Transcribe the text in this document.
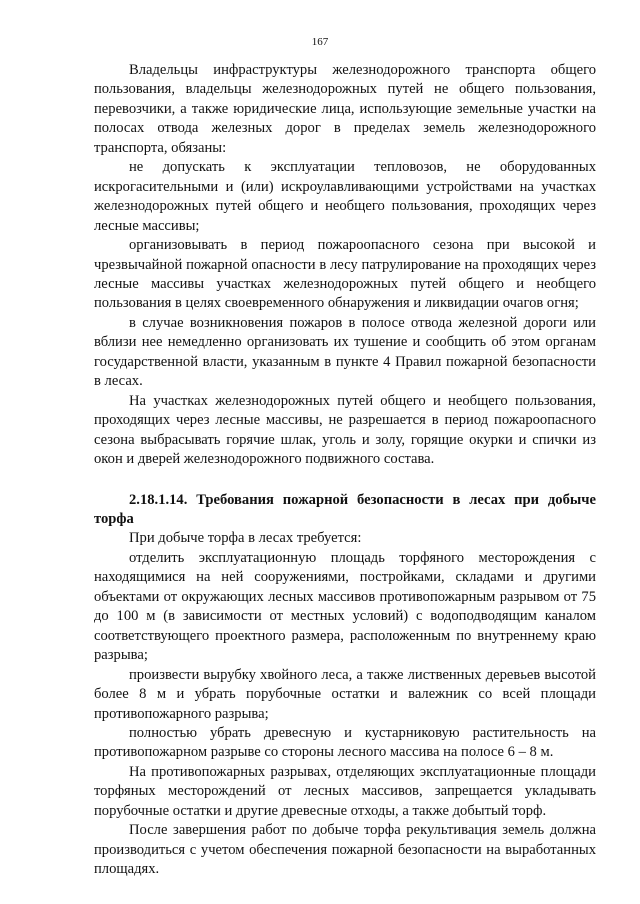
167

Владельцы инфраструктуры железнодорожного транспорта общего пользования, владельцы железнодорожных путей не общего пользования, перевозчики, а также юридические лица, использующие земельные участки на полосах отвода железных дорог в пределах земель железнодорожного транспорта, обязаны:

не допускать к эксплуатации тепловозов, не оборудованных искрогасительными и (или) искроулавливающими устройствами на участках железнодорожных путей общего и необщего пользования, проходящих через лесные массивы;

организовывать в период пожароопасного сезона при высокой и чрезвычайной пожарной опасности в лесу патрулирование на проходящих через лесные массивы участках железнодорожных путей общего и необщего пользования в целях своевременного обнаружения и ликвидации очагов огня;

в случае возникновения пожаров в полосе отвода железной дороги или вблизи нее немедленно организовать их тушение и сообщить об этом органам государственной власти, указанным в пункте 4 Правил пожарной безопасности в лесах.

На участках железнодорожных путей общего и необщего пользования, проходящих через лесные массивы, не разрешается в период пожароопасного сезона выбрасывать горячие шлак, уголь и золу, горящие окурки и спички из окон и дверей железнодорожного подвижного состава.

2.18.1.14. Требования пожарной безопасности в лесах при добыче торфа

При добыче торфа в лесах требуется:

отделить эксплуатационную площадь торфяного месторождения с находящимися на ней сооружениями, постройками, складами и другими объектами от окружающих лесных массивов противопожарным разрывом от 75 до 100 м (в зависимости от местных условий) с водоподводящим каналом соответствующего проектного размера, расположенным по внутреннему краю разрыва;

произвести вырубку хвойного леса, а также лиственных деревьев высотой более 8 м и убрать порубочные остатки и валежник со всей площади противопожарного разрыва;

полностью убрать древесную и кустарниковую растительность на противопожарном разрыве со стороны лесного массива на полосе 6 – 8 м.

На противопожарных разрывах, отделяющих эксплуатационные площади торфяных месторождений от лесных массивов, запрещается укладывать порубочные остатки и другие древесные отходы, а также добытый торф.

После завершения работ по добыче торфа рекультивация земель должна производиться с учетом обеспечения пожарной безопасности на выработанных площадях.
